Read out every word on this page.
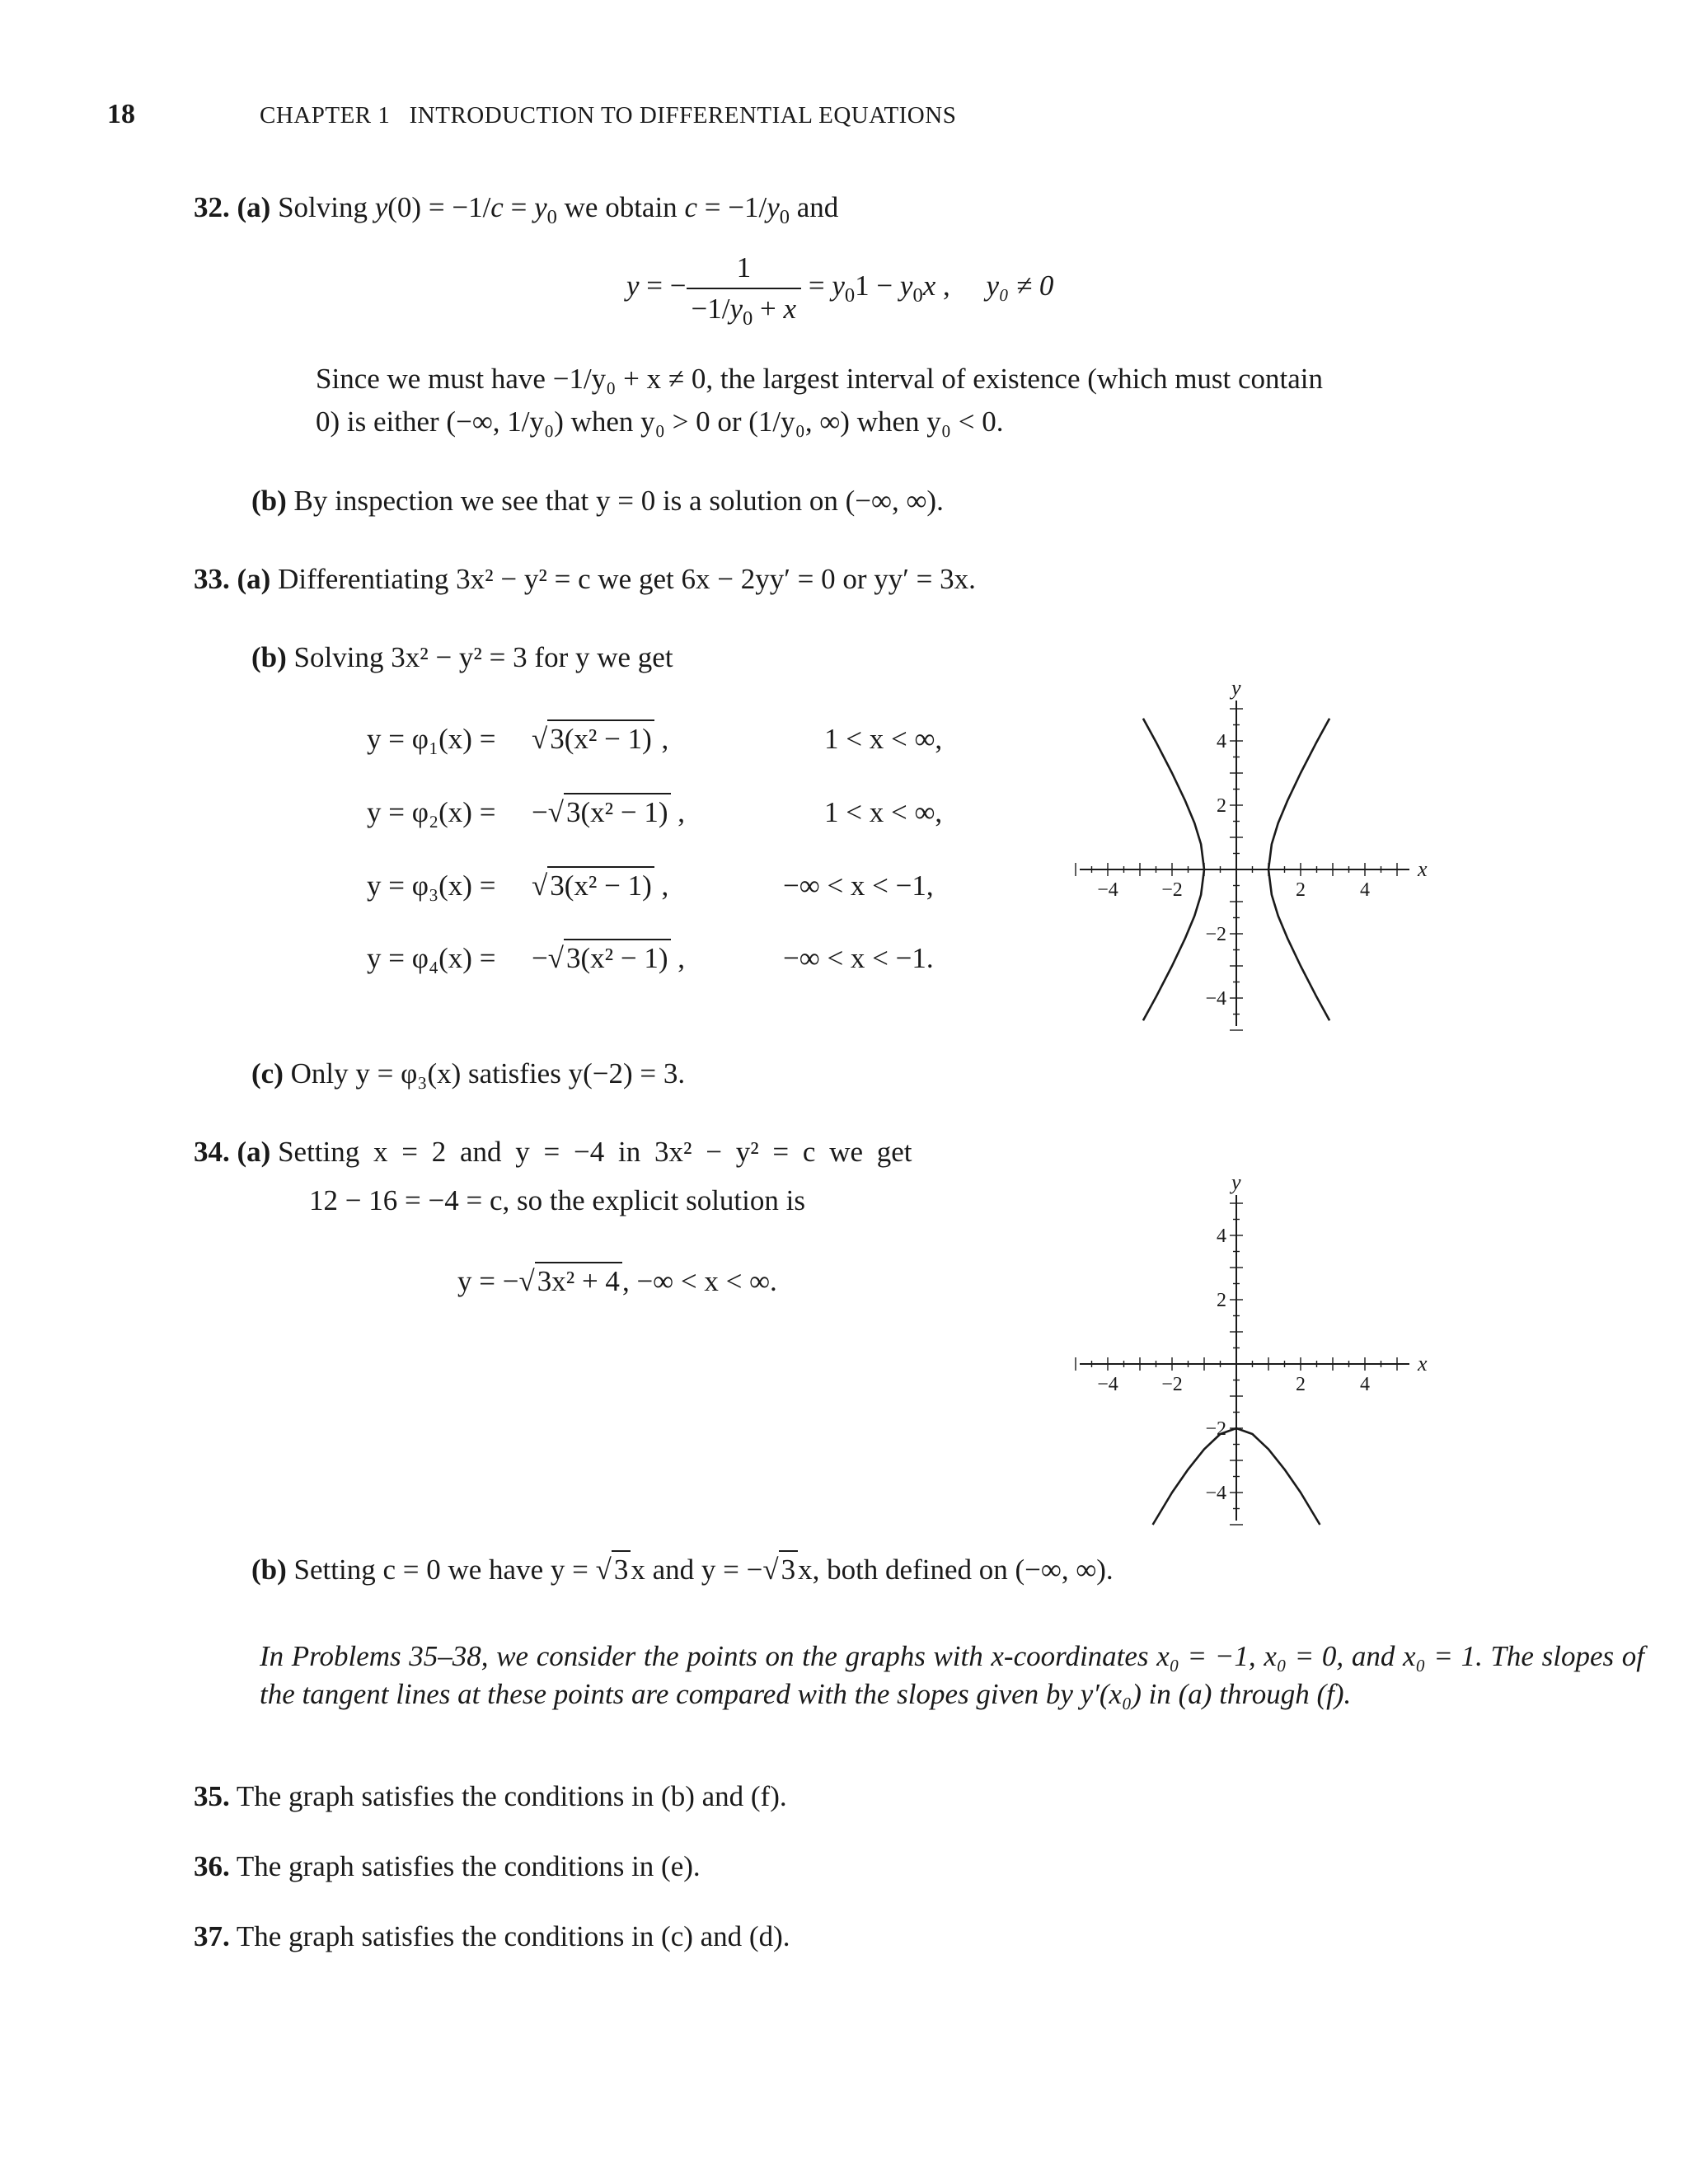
18	CHAPTER 1 INTRODUCTION TO DIFFERENTIAL EQUATIONS
32. (a) Solving $y(0) = -1/c = y_0$ we obtain $c = -1/y_0$ and
y = − $\frac{1}{-1/y_0 + x} = y_01 - y_0x$ ,     y₀ ≠ 0
Since we must have −1/y₀ + x ≠ 0, the largest interval of existence (which must contain
0) is either (−∞, 1/y₀) when y₀ > 0 or (1/y₀, ∞) when y₀ < 0.
(b) By inspection we see that y = 0 is a solution on (−∞, ∞).
33. (a) Differentiating 3x² − y² = c we get 6x − 2yy′ = 0 or yy′ = 3x.
(b) Solving 3x² − y² = 3 for y we get
y = φ₁(x) = √3(x² − 1) ,	1 < x < ∞,
y = φ₂(x) = −√3(x² − 1) ,	1 < x < ∞,
y = φ₃(x) = √3(x² − 1) ,	−∞ < x < −1,
y = φ₄(x) = −√3(x² − 1) ,	−∞ < x < −1.
(c) Only y = φ₃(x) satisfies y(−2) = 3.
−4 −2	2	4
4
2
−2
−4
x
y
34. (a) Setting x = 2 and y = −4 in 3x² − y² = c we get
12 − 16 = −4 = c, so the explicit solution is
y = −√3x² + 4, −∞ < x < ∞.
−4 −2	2	4
4
2
−2
−4
x
y
(b) Setting c = 0 we have y = √3x and y = −√3x, both defined on (−∞, ∞).
In Problems 35–38, we consider the points on the graphs with x-coordinates x₀ = −1, x₀ = 0, and x₀ = 1. The slopes of the tangent lines at these points are compared with the slopes given by y′(x₀) in (a) through (f).
35. The graph satisfies the conditions in (b) and (f).
36. The graph satisfies the conditions in (e).
37. The graph satisfies the conditions in (c) and (d).
